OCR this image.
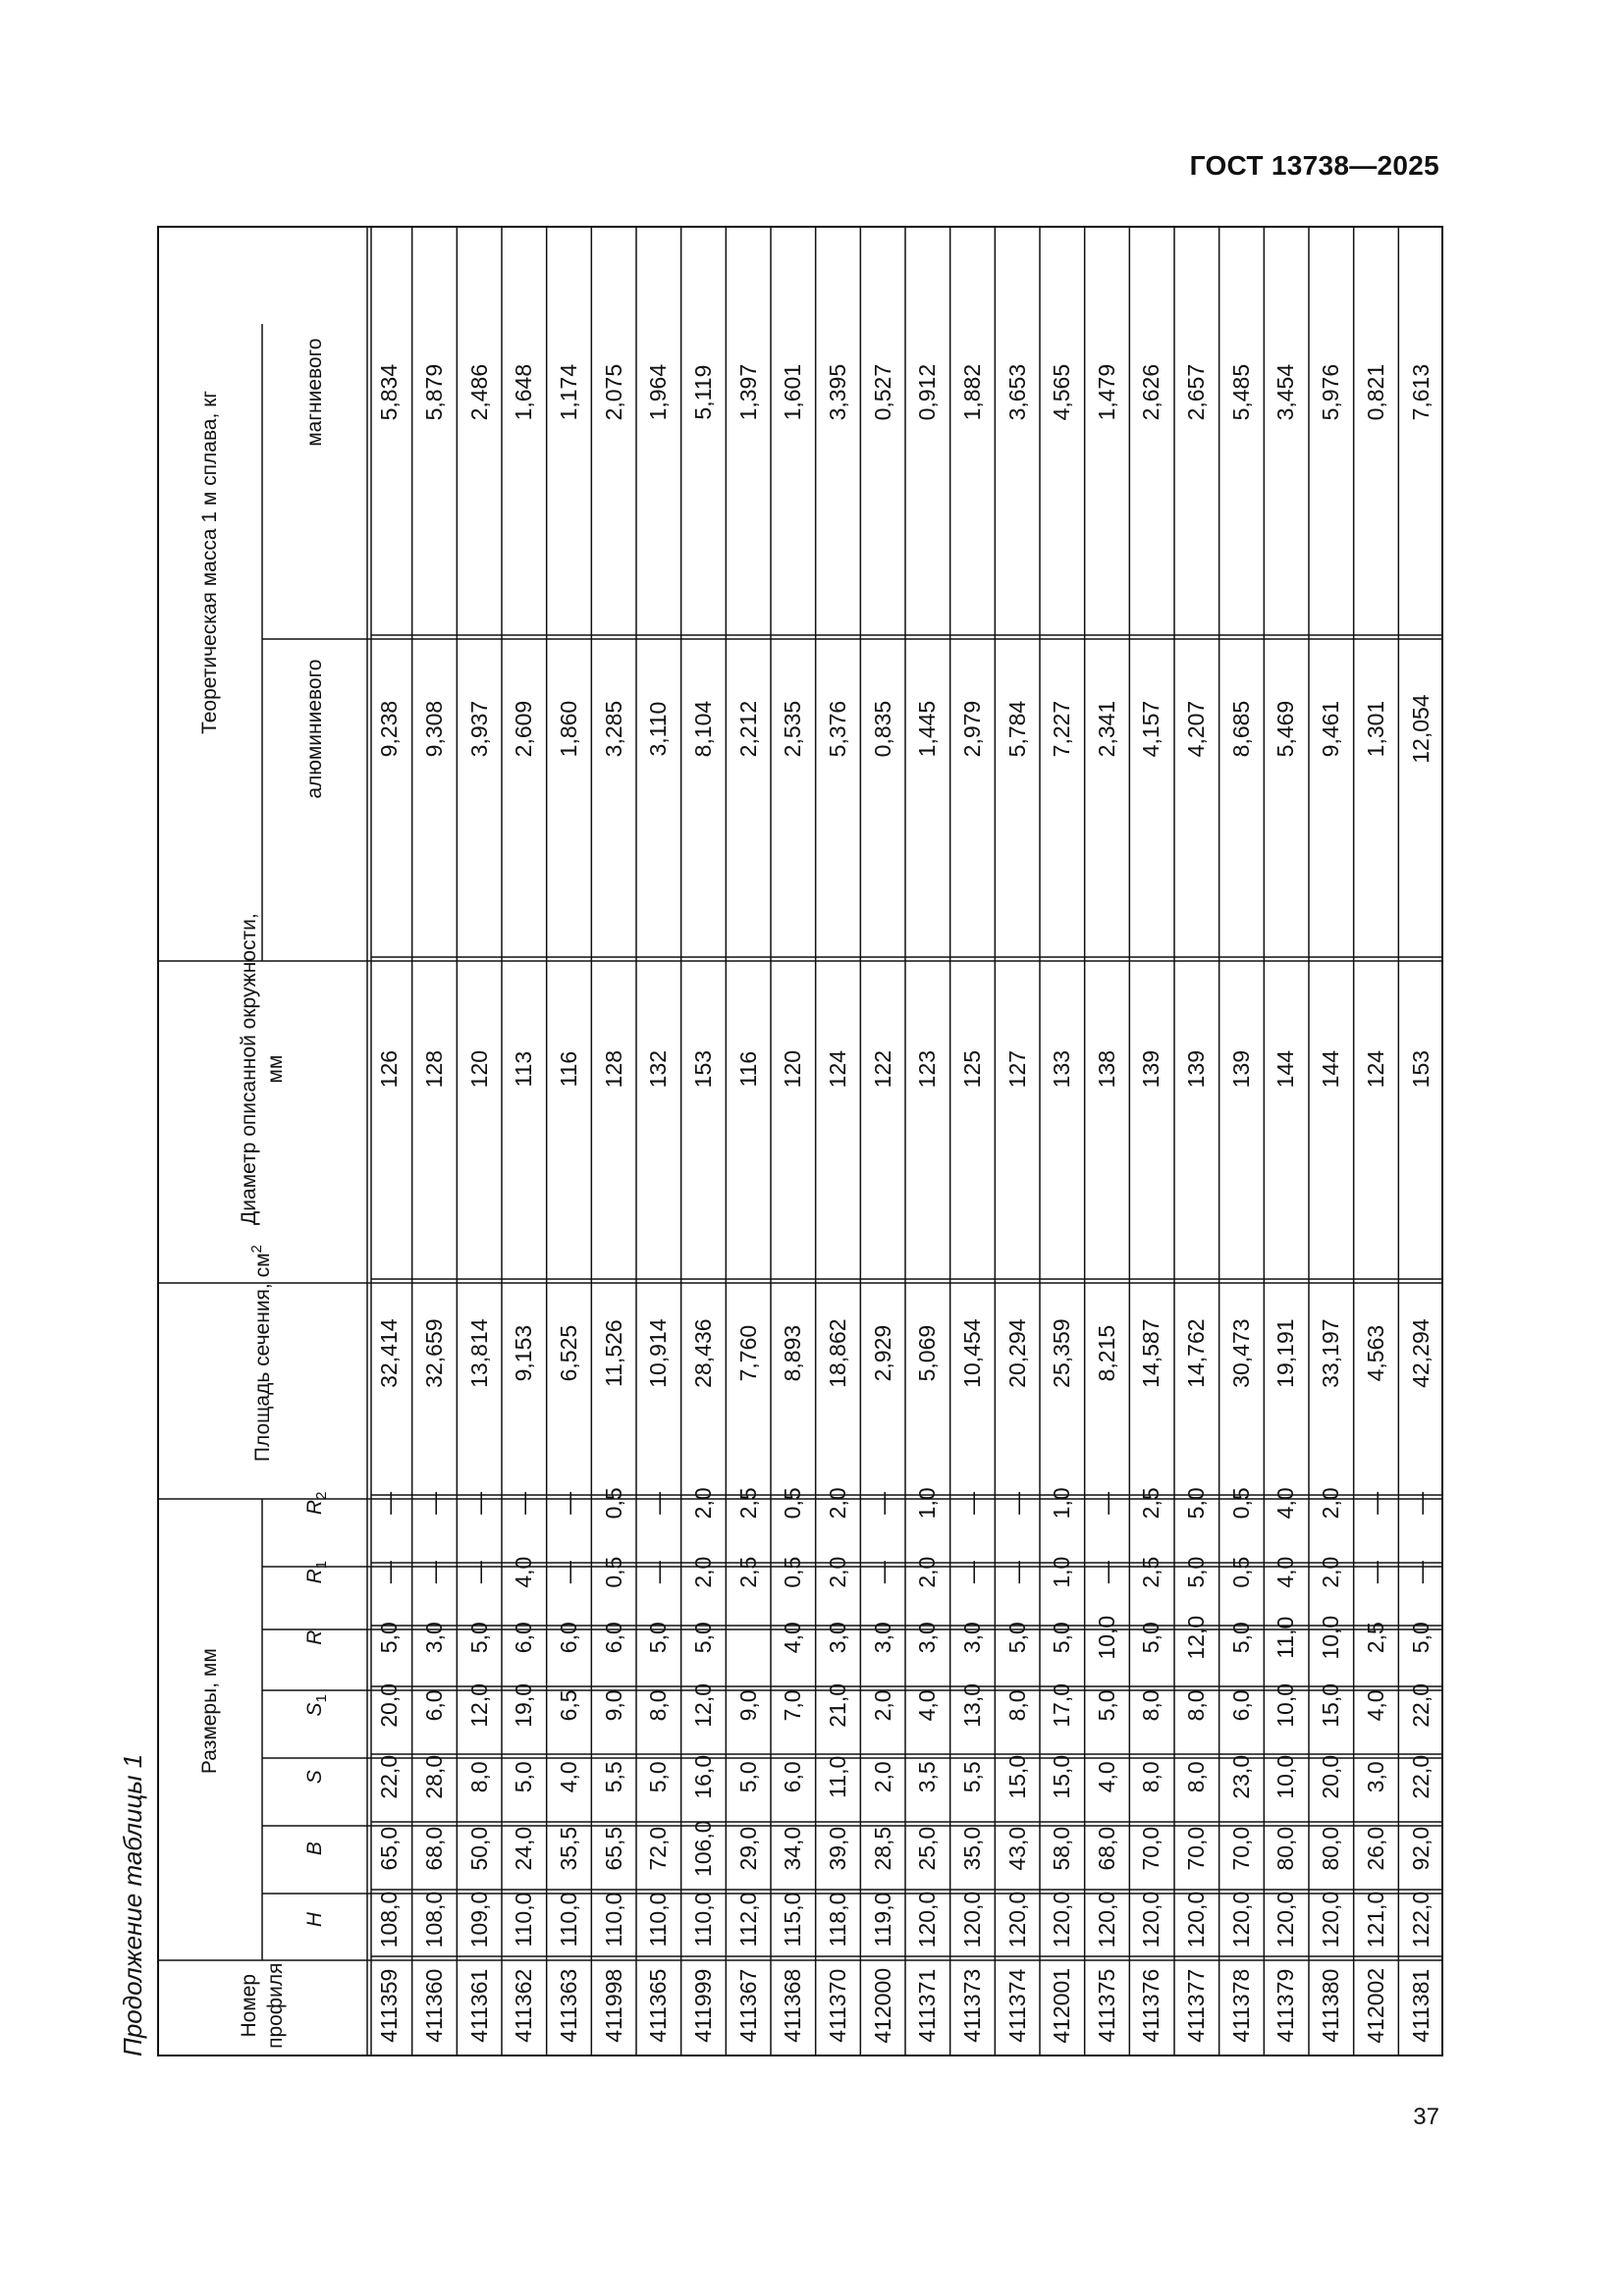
ГОСТ 13738—2025
Продолжение таблицы 1	Номер профиля	Размеры, мм							Площадь сечения, $см^2$	Диаметр описанной окружности, мм	Теоретическая масса 1 м сплава, кг	
	H	B	S	$S_1$	R	$R_1$	$R_2$			алюминиевого	магниевого
411359	108,0	65,0	22,0	20,0	5,0	—	—	32,414	126	9,238	5,834
411360	108,0	68,0	28,0	6,0	3,0	—	—	32,659	128	9,308	5,879
411361	109,0	50,0	8,0	12,0	5,0	—	—	13,814	120	3,937	2,486
411362	110,0	24,0	5,0	19,0	6,0	4,0	—	9,153	113	2,609	1,648
411363	110,0	35,5	4,0	6,5	6,0	—	—	6,525	116	1,860	1,174
411998	110,0	65,5	5,5	9,0	6,0	0,5	0,5	11,526	128	3,285	2,075
411365	110,0	72,0	5,0	8,0	5,0	—	—	10,914	132	3,110	1,964
411999	110,0	106,0	16,0	12,0	5,0	2,0	2,0	28,436	153	8,104	5,119
411367	112,0	29,0	5,0	9,0		2,5	2,5	7,760	116	2,212	1,397
411368	115,0	34,0	6,0	7,0	4,0	0,5	0,5	8,893	120	2,535	1,601
411370	118,0	39,0	11,0	21,0	3,0	2,0	2,0	18,862	124	5,376	3,395
412000	119,0	28,5	2,0	2,0	3,0	—	—	2,929	122	0,835	0,527
411371	120,0	25,0	3,5	4,0	3,0	2,0	1,0	5,069	123	1,445	0,912
411373	120,0	35,0	5,5	13,0	3,0	—	—	10,454	125	2,979	1,882
411374	120,0	43,0	15,0	8,0	5,0	—	—	20,294	127	5,784	3,653
412001	120,0	58,0	15,0	17,0	5,0	1,0	1,0	25,359	133	7,227	4,565
411375	120,0	68,0	4,0	5,0	10,0	—	—	8,215	138	2,341	1,479
411376	120,0	70,0	8,0	8,0	5,0	2,5	2,5	14,587	139	4,157	2,626
411377	120,0	70,0	8,0	8,0	12,0	5,0	5,0	14,762	139	4,207	2,657
411378	120,0	70,0	23,0	6,0	5,0	0,5	0,5	30,473	139	8,685	5,485
411379	120,0	80,0	10,0	10,0	11,0	4,0	4,0	19,191	144	5,469	3,454
411380	120,0	80,0	20,0	15,0	10,0	2,0	2,0	33,197	144	9,461	5,976
412002	121,0	26,0	3,0	4,0	2,5	—	—	4,563	124	1,301	0,821
411381	122,0	92,0	22,0	22,0	5,0	—	—	42,294	153	12,054	7,613
37
